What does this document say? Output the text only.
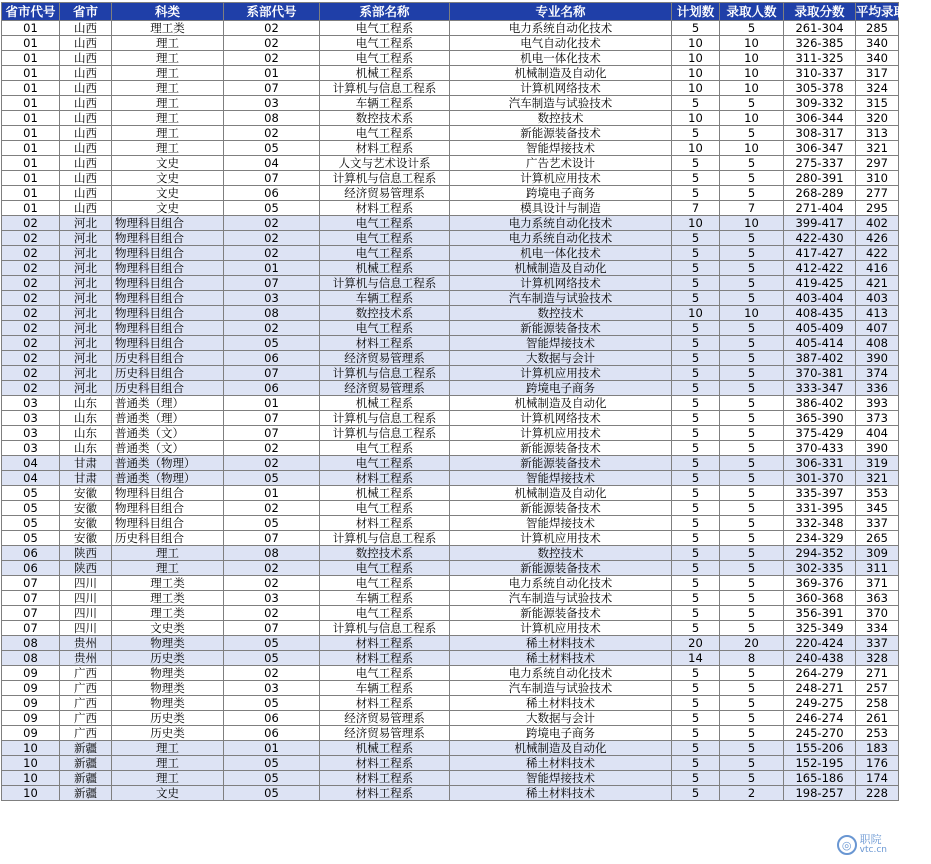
省市代号	省市	科类	系部代号	系部名称	专业名称	计划数	录取人数	录取分数	平均录取分数
01	山西	理工类	02	电气工程系	电力系统自动化技术	5	5	261-304	285
01	山西	理工	02	电气工程系	电气自动化技术	10	10	326-385	340
01	山西	理工	02	电气工程系	机电一体化技术	10	10	311-325	340
01	山西	理工	01	机械工程系	机械制造及自动化	10	10	310-337	317
01	山西	理工	07	计算机与信息工程系	计算机网络技术	10	10	305-378	324
01	山西	理工	03	车辆工程系	汽车制造与试验技术	5	5	309-332	315
01	山西	理工	08	数控技术系	数控技术	10	10	306-344	320
01	山西	理工	02	电气工程系	新能源装备技术	5	5	308-317	313
01	山西	理工	05	材料工程系	智能焊接技术	10	10	306-347	321
01	山西	文史	04	人文与艺术设计系	广告艺术设计	5	5	275-337	297
01	山西	文史	07	计算机与信息工程系	计算机应用技术	5	5	280-391	310
01	山西	文史	06	经济贸易管理系	跨境电子商务	5	5	268-289	277
01	山西	文史	05	材料工程系	模具设计与制造	7	7	271-404	295
02	河北	物理科目组合	02	电气工程系	电力系统自动化技术	10	10	399-417	402
02	河北	物理科目组合	02	电气工程系	电力系统自动化技术	5	5	422-430	426
02	河北	物理科目组合	02	电气工程系	机电一体化技术	5	5	417-427	422
02	河北	物理科目组合	01	机械工程系	机械制造及自动化	5	5	412-422	416
02	河北	物理科目组合	07	计算机与信息工程系	计算机网络技术	5	5	419-425	421
02	河北	物理科目组合	03	车辆工程系	汽车制造与试验技术	5	5	403-404	403
02	河北	物理科目组合	08	数控技术系	数控技术	10	10	408-435	413
02	河北	物理科目组合	02	电气工程系	新能源装备技术	5	5	405-409	407
02	河北	物理科目组合	05	材料工程系	智能焊接技术	5	5	405-414	408
02	河北	历史科目组合	06	经济贸易管理系	大数据与会计	5	5	387-402	390
02	河北	历史科目组合	07	计算机与信息工程系	计算机应用技术	5	5	370-381	374
02	河北	历史科目组合	06	经济贸易管理系	跨境电子商务	5	5	333-347	336
03	山东	普通类（理）	01	机械工程系	机械制造及自动化	5	5	386-402	393
03	山东	普通类（理）	07	计算机与信息工程系	计算机网络技术	5	5	365-390	373
03	山东	普通类（文）	07	计算机与信息工程系	计算机应用技术	5	5	375-429	404
03	山东	普通类（文）	02	电气工程系	新能源装备技术	5	5	370-433	390
04	甘肃	普通类（物理）	02	电气工程系	新能源装备技术	5	5	306-331	319
04	甘肃	普通类（物理）	05	材料工程系	智能焊接技术	5	5	301-370	321
05	安徽	物理科目组合	01	机械工程系	机械制造及自动化	5	5	335-397	353
05	安徽	物理科目组合	02	电气工程系	新能源装备技术	5	5	331-395	345
05	安徽	物理科目组合	05	材料工程系	智能焊接技术	5	5	332-348	337
05	安徽	历史科目组合	07	计算机与信息工程系	计算机应用技术	5	5	234-329	265
06	陕西	理工	08	数控技术系	数控技术	5	5	294-352	309
06	陕西	理工	02	电气工程系	新能源装备技术	5	5	302-335	311
07	四川	理工类	02	电气工程系	电力系统自动化技术	5	5	369-376	371
07	四川	理工类	03	车辆工程系	汽车制造与试验技术	5	5	360-368	363
07	四川	理工类	02	电气工程系	新能源装备技术	5	5	356-391	370
07	四川	文史类	07	计算机与信息工程系	计算机应用技术	5	5	325-349	334
08	贵州	物理类	05	材料工程系	稀土材料技术	20	20	220-424	337
08	贵州	历史类	05	材料工程系	稀土材料技术	14	8	240-438	328
09	广西	物理类	02	电气工程系	电力系统自动化技术	5	5	264-279	271
09	广西	物理类	03	车辆工程系	汽车制造与试验技术	5	5	248-271	257
09	广西	物理类	05	材料工程系	稀土材料技术	5	5	249-275	258
09	广西	历史类	06	经济贸易管理系	大数据与会计	5	5	246-274	261
09	广西	历史类	06	经济贸易管理系	跨境电子商务	5	5	245-270	253
10	新疆	理工	01	机械工程系	机械制造及自动化	5	5	155-206	183
10	新疆	理工	05	材料工程系	稀土材料技术	5	5	152-195	176
10	新疆	理工	05	材料工程系	智能焊接技术	5	5	165-186	174
10	新疆	文史	05	材料工程系	稀土材料技术	5	2	198-257	228
◎ 职院
vtc.cn
